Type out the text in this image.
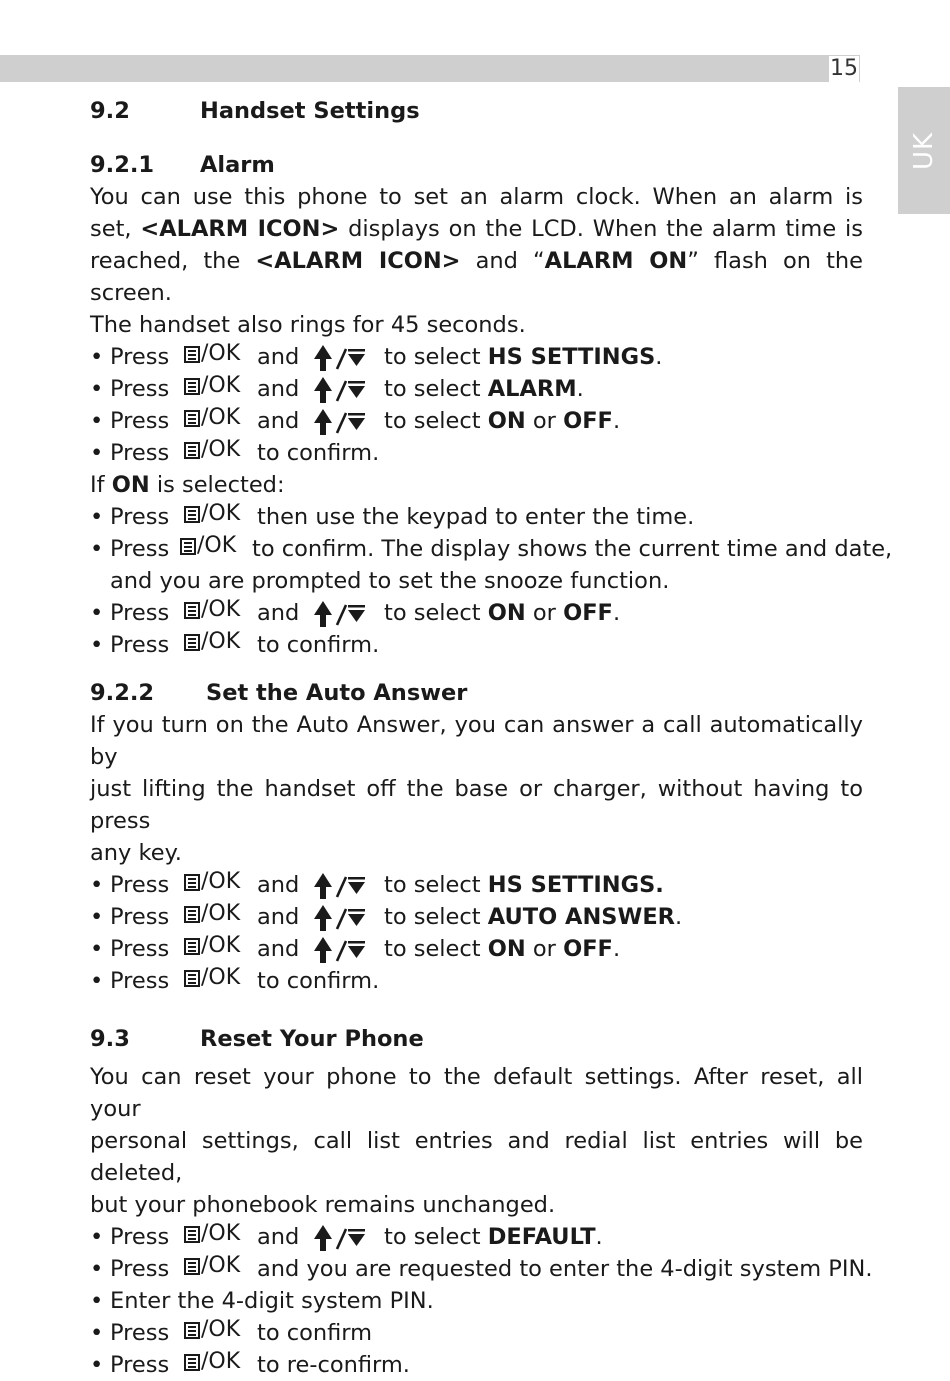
15
UK
9.2	Handset Settings
9.2.1	Alarm

You can use this phone to set an alarm clock. When an alarm is

set, <ALARM ICON> displays on the LCD. When the alarm time is

reached, the <ALARM ICON> and “ALARM ON” flash on the screen.

The handset also rings for 45 seconds.

• Press /OK and	to select HS SETTINGS.
• Press /OK and	to select ALARM.
• Press /OK and	to select ON or OFF.
• Press /OK to confirm.

If ON is selected:

• Press /OK then use the keypad to enter the time.
• Press /OK to confirm. The display shows the current time and date,

and you are prompted to set the snooze function.

• Press /OK and	to select ON or OFF.
• Press /OK to confirm.
9.2.2	Set the Auto Answer

If you turn on the Auto Answer, you can answer a call automatically by

just lifting the handset off the base or charger, without having to press

any key.

• Press /OK and	to select HS SETTINGS.
• Press /OK and	to select AUTO ANSWER.
• Press /OK and	to select ON or OFF.
• Press /OK to confirm.
9.3	Reset Your Phone

You can reset your phone to the default settings. After reset, all your

personal settings, call list entries and redial list entries will be deleted,

but your phonebook remains unchanged.

• Press /OK and	to select DEFAULT.
• Press /OK and you are requested to enter the 4-digit system PIN.
• Enter the 4-digit system PIN.
• Press /OK to confirm
• Press /OK to re-confirm.
